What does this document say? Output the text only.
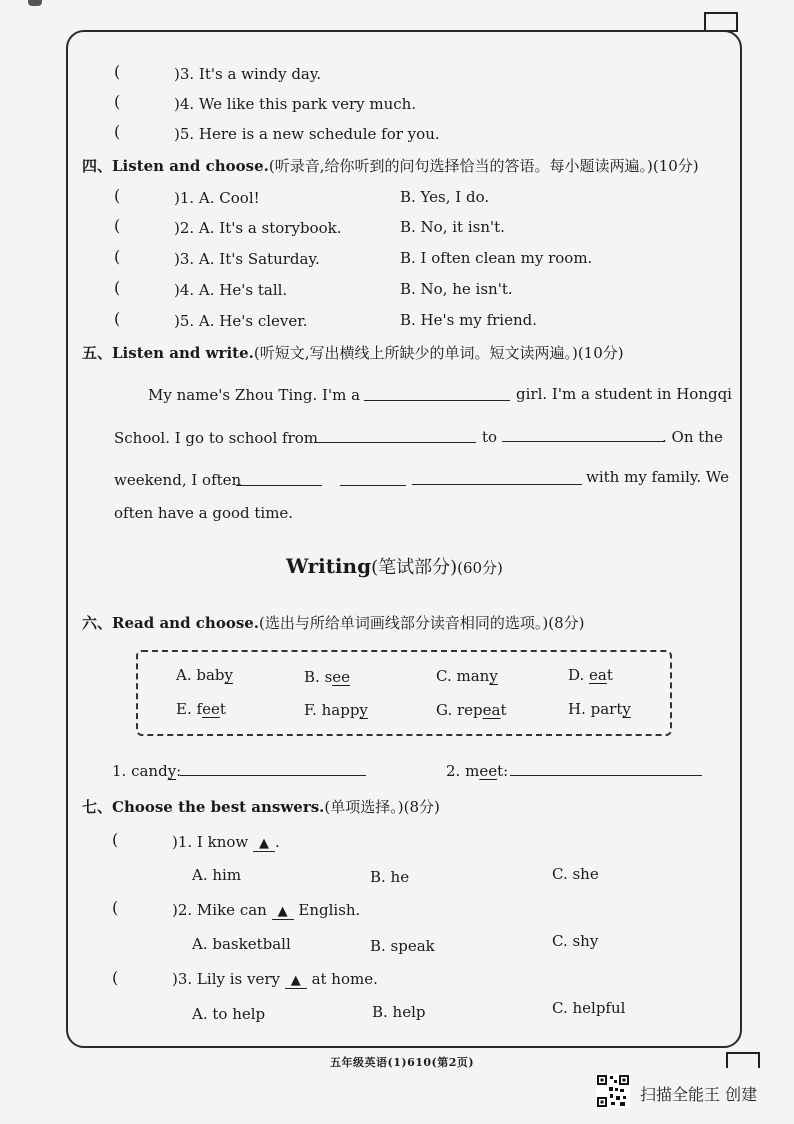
(	)3. It's a windy day.
(	)4. We like this park very much.
(	)5. Here is a new schedule for you.
四、Listen and choose.(听录音,给你听到的问句选择恰当的答语。每小题读两遍。)(10分)
(	)1. A. Cool!	B. Yes, I do.
(	)2. A. It's a storybook.	B. No, it isn't.
(	)3. A. It's Saturday.	B. I often clean my room.
(	)4. A. He's tall.	B. No, he isn't.
(	)5. A. He's clever.	B. He's my friend.
五、Listen and write.(听短文,写出横线上所缺少的单词。短文读两遍。)(10分)
My name's Zhou Ting. I'm a	girl. I'm a student in Hongqi
School. I go to school from	to	. On the
weekend, I often	with my family. We
often have a good time.
Writing(笔试部分)(60分)
六、Read and choose.(选出与所给单词画线部分读音相同的选项。)(8分)
A. baby	B. see	C. many	D. eat
E. feet	F. happy	G. repeat	H. party
1. candy:	2. meet:
七、Choose the best answers.(单项选择。)(8分)
(	)1. I know ▲ .
A. him	B. he	C. she
(	)2. Mike can ▲ English.
A. basketball	B. speak	C. shy
(	)3. Lily is very ▲ at home.
A. to help	B. help	C. helpful
五年级英语(1)610(第2页)
扫描全能王 创建
